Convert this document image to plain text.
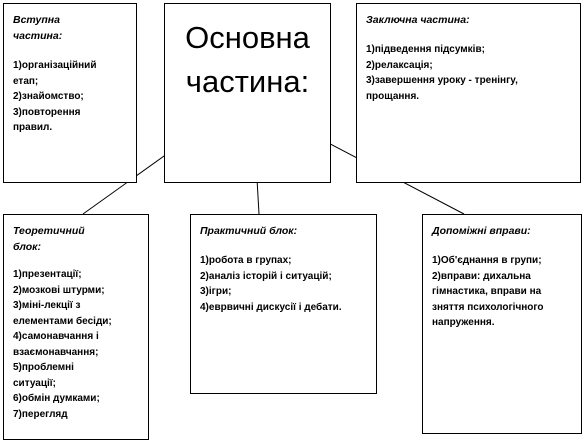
Вступна

частина:

1)організаційний

етап;

2)знайомство;

3)повторення

правил.

Основна

частина:

Заключна частина:

1)підведення підсумків;

2)релаксація;

3)завершення уроку - тренінгу,

прощання.

Теоретичний

блок:

1)презентації;

2)мозкові штурми;

3)міні-лекції з

елементами бесіди;

4)самонавчання і

взаємонавчання;

5)проблемні

ситуації;

6)обмін думками;

7)перегляд

Практичний блок:

1)робота в групах;

2)аналіз історій і ситуацій;

3)ігри;

4)еврвичні дискусії і дебати.

Допоміжні вправи:

1)Об'єднання в групи;

2)вправи: дихальна

гімнастика, вправи на

зняття психологічного

напруження.
